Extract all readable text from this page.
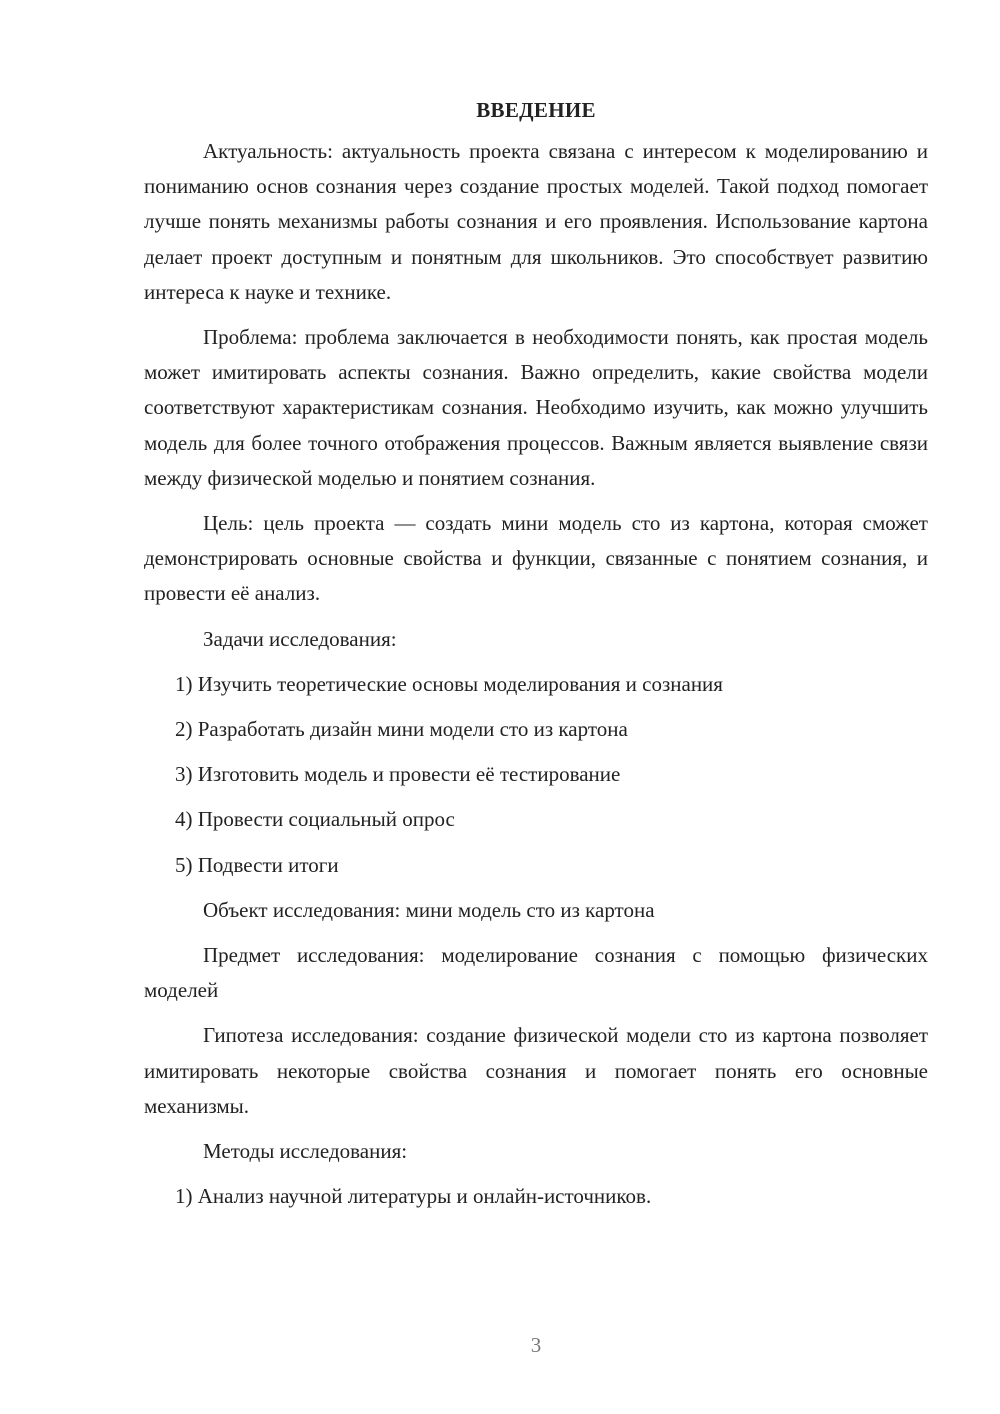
ВВЕДЕНИЕ

Актуальность: актуальность проекта связана с интересом к моделированию и пониманию основ сознания через создание простых моделей. Такой подход помогает лучше понять механизмы работы сознания и его проявления. Использование картона делает проект доступным и понятным для школьников. Это способствует развитию интереса к науке и технике.

Проблема: проблема заключается в необходимости понять, как простая модель может имитировать аспекты сознания. Важно определить, какие свойства модели соответствуют характеристикам сознания. Необходимо изучить, как можно улучшить модель для более точного отображения процессов. Важным является выявление связи между физической моделью и понятием сознания.

Цель: цель проекта — создать мини модель сто из картона, которая сможет демонстрировать основные свойства и функции, связанные с понятием сознания, и провести её анализ.

Задачи исследования:

1) Изучить теоретические основы моделирования и сознания
2) Разработать дизайн мини модели сто из картона
3) Изготовить модель и провести её тестирование
4) Провести социальный опрос
5) Подвести итоги

Объект исследования: мини модель сто из картона

Предмет исследования: моделирование сознания с помощью физических моделей

Гипотеза исследования: создание физической модели сто из картона позволяет имитировать некоторые свойства сознания и помогает понять его основные механизмы.

Методы исследования:

1) Анализ научной литературы и онлайн-источников.
3
